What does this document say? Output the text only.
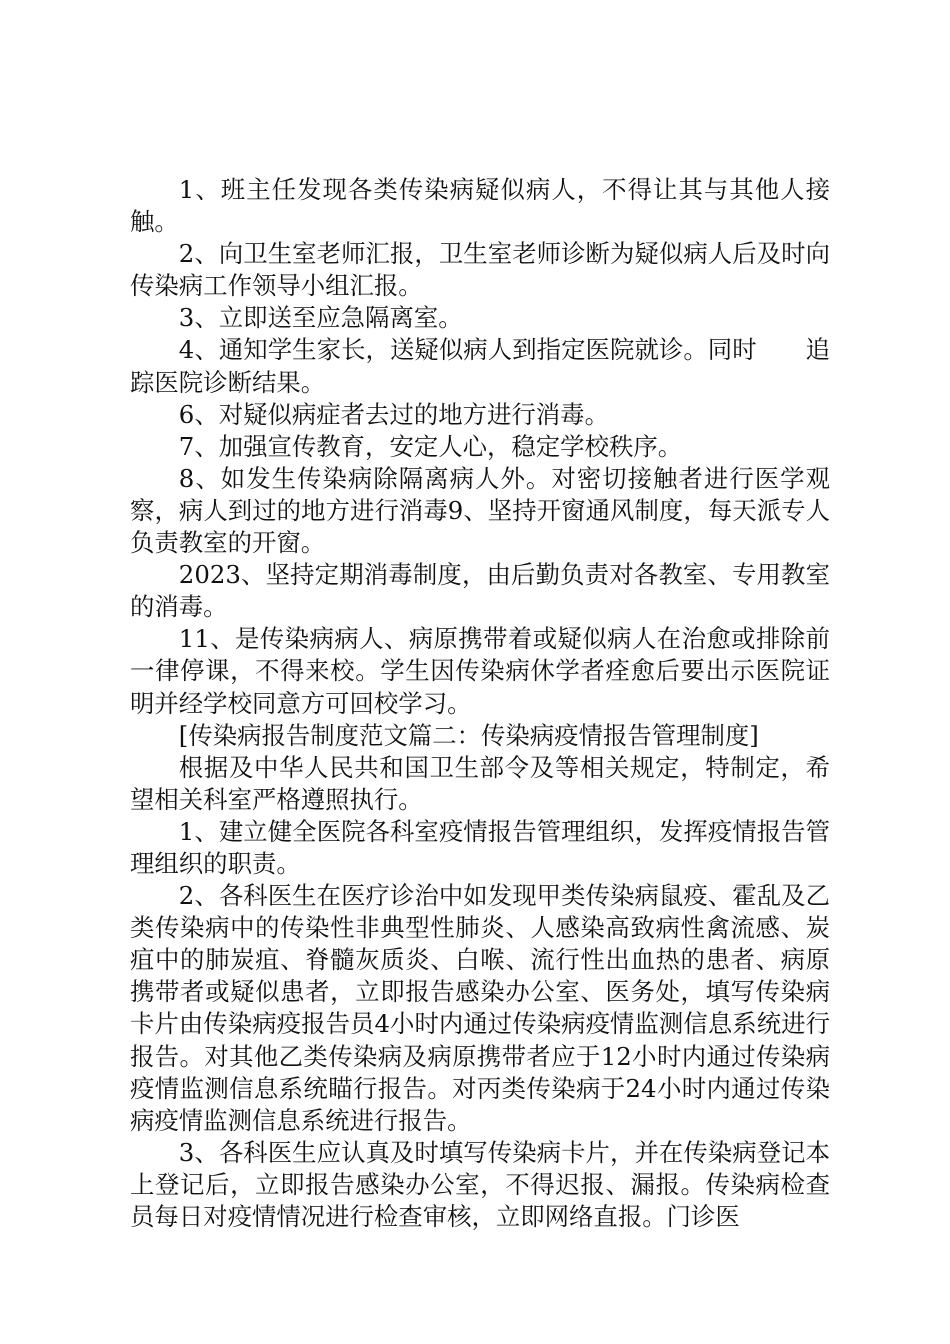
1、班主任发现各类传染病疑似病人，不得让其与其他人接触。

2、向卫生室老师汇报，卫生室老师诊断为疑似病人后及时向传染病工作领导小组汇报。

3、立即送至应急隔离室。

4、通知学生家长，送疑似病人到指定医院就诊。同时　　追踪医院诊断结果。

6、对疑似病症者去过的地方进行消毒。

7、加强宣传教育，安定人心，稳定学校秩序。

8、如发生传染病除隔离病人外。对密切接触者进行医学观察，病人到过的地方进行消毒9、坚持开窗通风制度，每天派专人负责教室的开窗。

2023、坚持定期消毒制度，由后勤负责对各教室、专用教室的消毒。

11、是传染病病人、病原携带着或疑似病人在治愈或排除前一律停课，不得来校。学生因传染病休学者痊愈后要出示医院证明并经学校同意方可回校学习。

[传染病报告制度范文篇二：传染病疫情报告管理制度]

根据及中华人民共和国卫生部令及等相关规定，特制定，希望相关科室严格遵照执行。

1、建立健全医院各科室疫情报告管理组织，发挥疫情报告管理组织的职责。

2、各科医生在医疗诊治中如发现甲类传染病鼠疫、霍乱及乙类传染病中的传染性非典型性肺炎、人感染高致病性禽流感、炭疽中的肺炭疽、脊髓灰质炎、白喉、流行性出血热的患者、病原携带者或疑似患者，立即报告感染办公室、医务处，填写传染病卡片由传染病疫报告员4小时内通过传染病疫情监测信息系统进行报告。对其他乙类传染病及病原携带者应于12小时内通过传染病疫情监测信息系统瞄行报告。对丙类传染病于24小时内通过传染病疫情监测信息系统进行报告。

3、各科医生应认真及时填写传染病卡片，并在传染病登记本上登记后，立即报告感染办公室，不得迟报、漏报。传染病检查员每日对疫情情况进行检查审核，立即网络直报。门诊医
